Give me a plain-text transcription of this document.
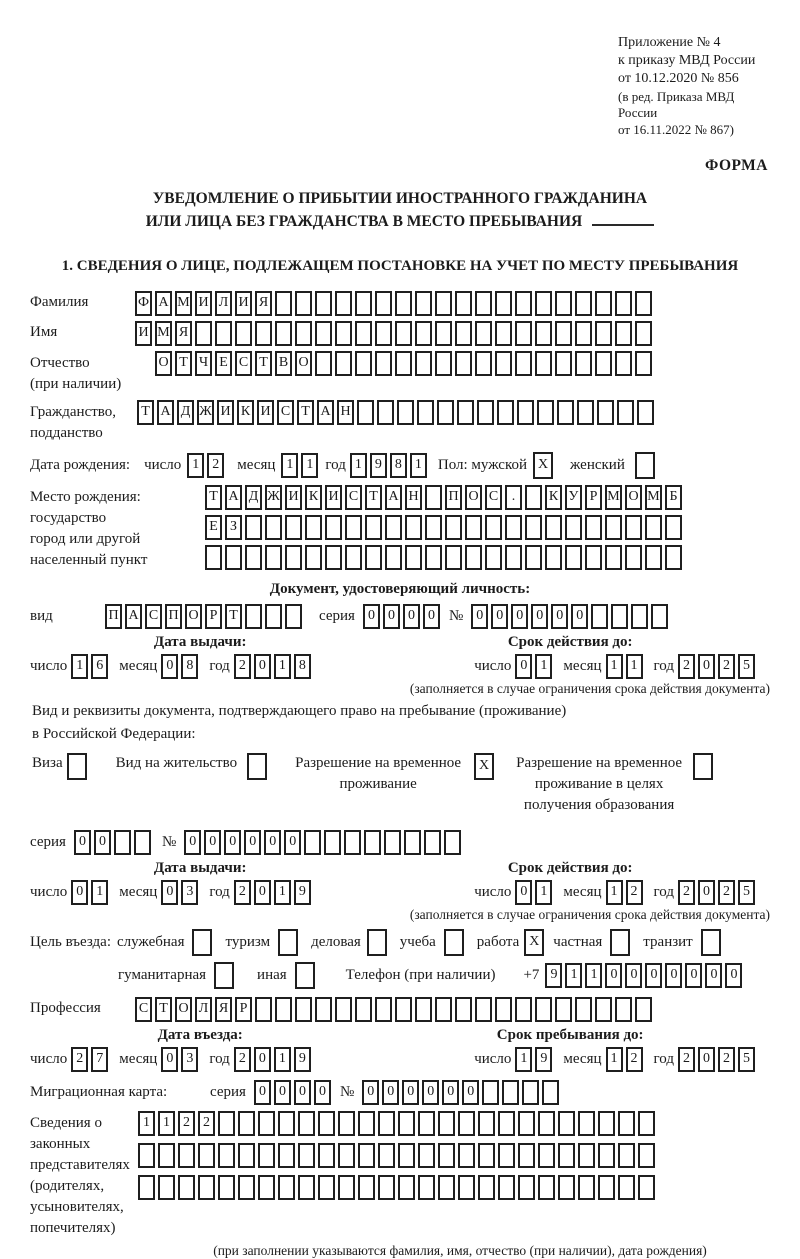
Приложение № 4
к приказу МВД России
от 10.12.2020 № 856
(в ред. Приказа МВД России
от 16.11.2022 № 867)
ФОРМА
УВЕДОМЛЕНИЕ О ПРИБЫТИИ ИНОСТРАННОГО ГРАЖДАНИНА
ИЛИ ЛИЦА БЕЗ ГРАЖДАНСТВА В МЕСТО ПРЕБЫВАНИЯ
1. СВЕДЕНИЯ О ЛИЦЕ, ПОДЛЕЖАЩЕМ ПОСТАНОВКЕ НА УЧЕТ ПО МЕСТУ ПРЕБЫВАНИЯ
Фамилия	Ф А М И Л И Я
Имя	И М Я
Отчество
(при наличии)
О Т Ч Е С Т В О
Гражданство,
подданство
Т А Д Ж И К И С Т А Н
Дата рождения: число 1 2	месяц 1 1 год 1 9 8 1	Пол: мужской X	женский
Место рождения:
государство
город или другой
населенный пункт
Т А Д Ж И К И С Т А Н П О С .	К У Р М О М Б

Е З

Документ, удостоверяющий личность:
вид	П А С П О Р Т	серия 0 0 0 0 № 0 0 0 0 0 0
Дата выдачи:	Срок действия до:
число 1 6	месяц 0 8	год 2 0 1 8	число 0 1	месяц 1 1	год 2 0 2 5
(заполняется в случае ограничения срока действия документа)
Вид и реквизиты документа, подтверждающего право на пребывание (проживание)
в Российской Федерации:
Виза	Вид на жительство	Разрешение на временное проживание
X	Разрешение на временное проживание в целях получения образования
серия 0 0	№ 0 0 0 0 0 0
Дата выдачи:	Срок действия до:
число 0 1	месяц 0 3	год 2 0 1 9	число 0 1	месяц 1 2	год 2 0 2 5
(заполняется в случае ограничения срока действия документа)
Цель въезда: служебная	туризм	деловая	учеба	работа X частная	транзит
гуманитарная	иная	Телефон (при наличии) +7 9 1 1 0 0 0 0 0 0 0
Профессия	С Т О Л Я Р
Дата въезда:	Срок пребывания до:
число 2 7	месяц 0 3	год 2 0 1 9	число 1 9	месяц 1 2	год 2 0 2 5
Миграционная карта:	серия 0 0 0 0 № 0 0 0 0 0 0
Сведения о
законных
представителях
(родителях,
усыновителях,
попечителях)
1 1 2 2

(при заполнении указываются фамилия, имя, отчество (при наличии), дата рождения)
